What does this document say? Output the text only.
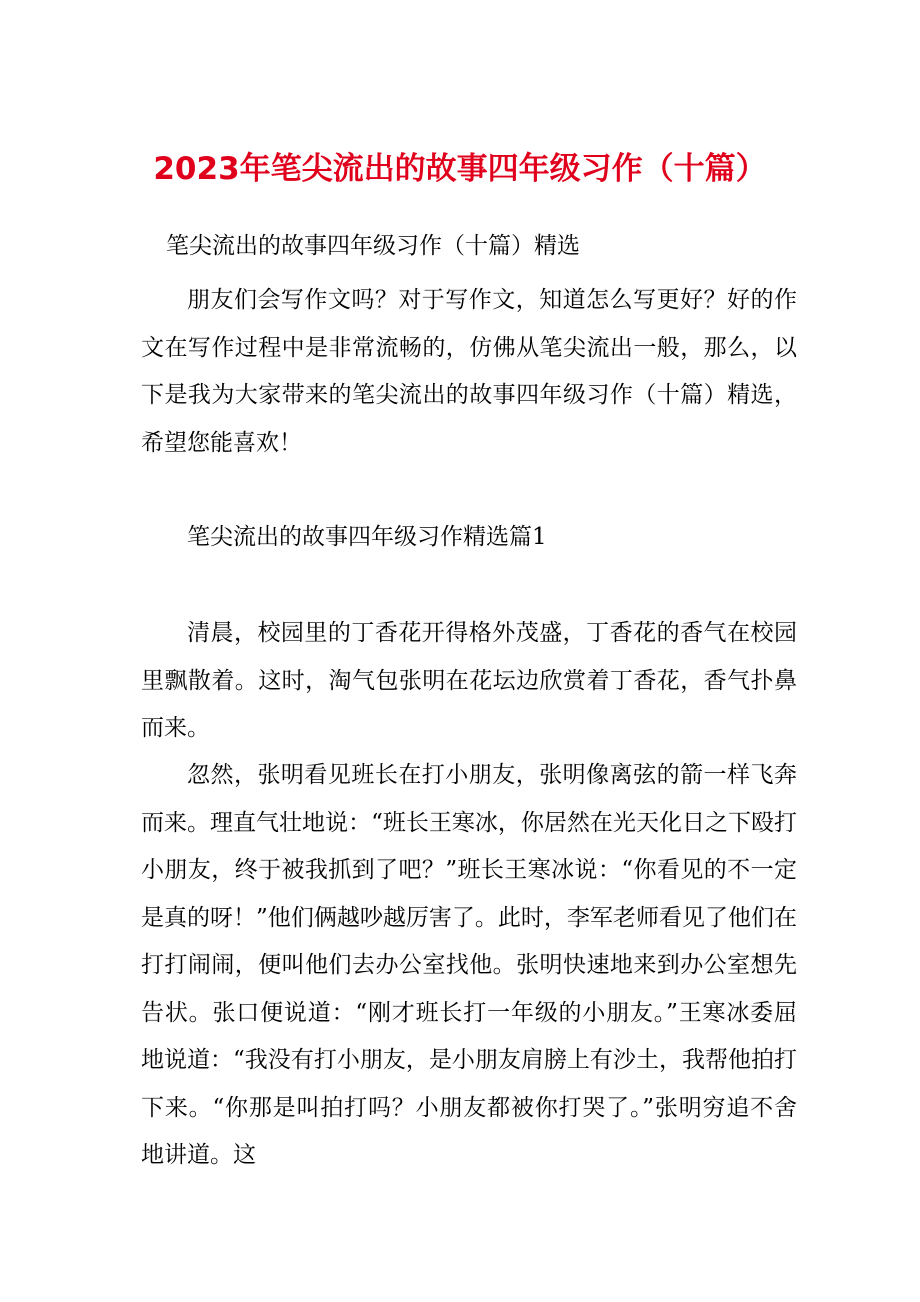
2023年笔尖流出的故事四年级习作（十篇）
笔尖流出的故事四年级习作（十篇）精选

朋友们会写作文吗？对于写作文，知道怎么写更好？好的作文在写作过程中是非常流畅的，仿佛从笔尖流出一般，那么，以下是我为大家带来的笔尖流出的故事四年级习作（十篇）精选，希望您能喜欢！

笔尖流出的故事四年级习作精选篇1

清晨，校园里的丁香花开得格外茂盛，丁香花的香气在校园里飘散着。这时，淘气包张明在花坛边欣赏着丁香花，香气扑鼻而来。

忽然，张明看见班长在打小朋友，张明像离弦的箭一样飞奔而来。理直气壮地说：“班长王寒冰，你居然在光天化日之下殴打小朋友，终于被我抓到了吧？”班长王寒冰说：“你看见的不一定是真的呀！”他们俩越吵越厉害了。此时，李军老师看见了他们在打打闹闹，便叫他们去办公室找他。张明快速地来到办公室想先告状。张口便说道：“刚才班长打一年级的小朋友。”王寒冰委屈地说道：“我没有打小朋友，是小朋友肩膀上有沙土，我帮他拍打下来。“你那是叫拍打吗？小朋友都被你打哭了。”张明穷追不舍地讲道。这
